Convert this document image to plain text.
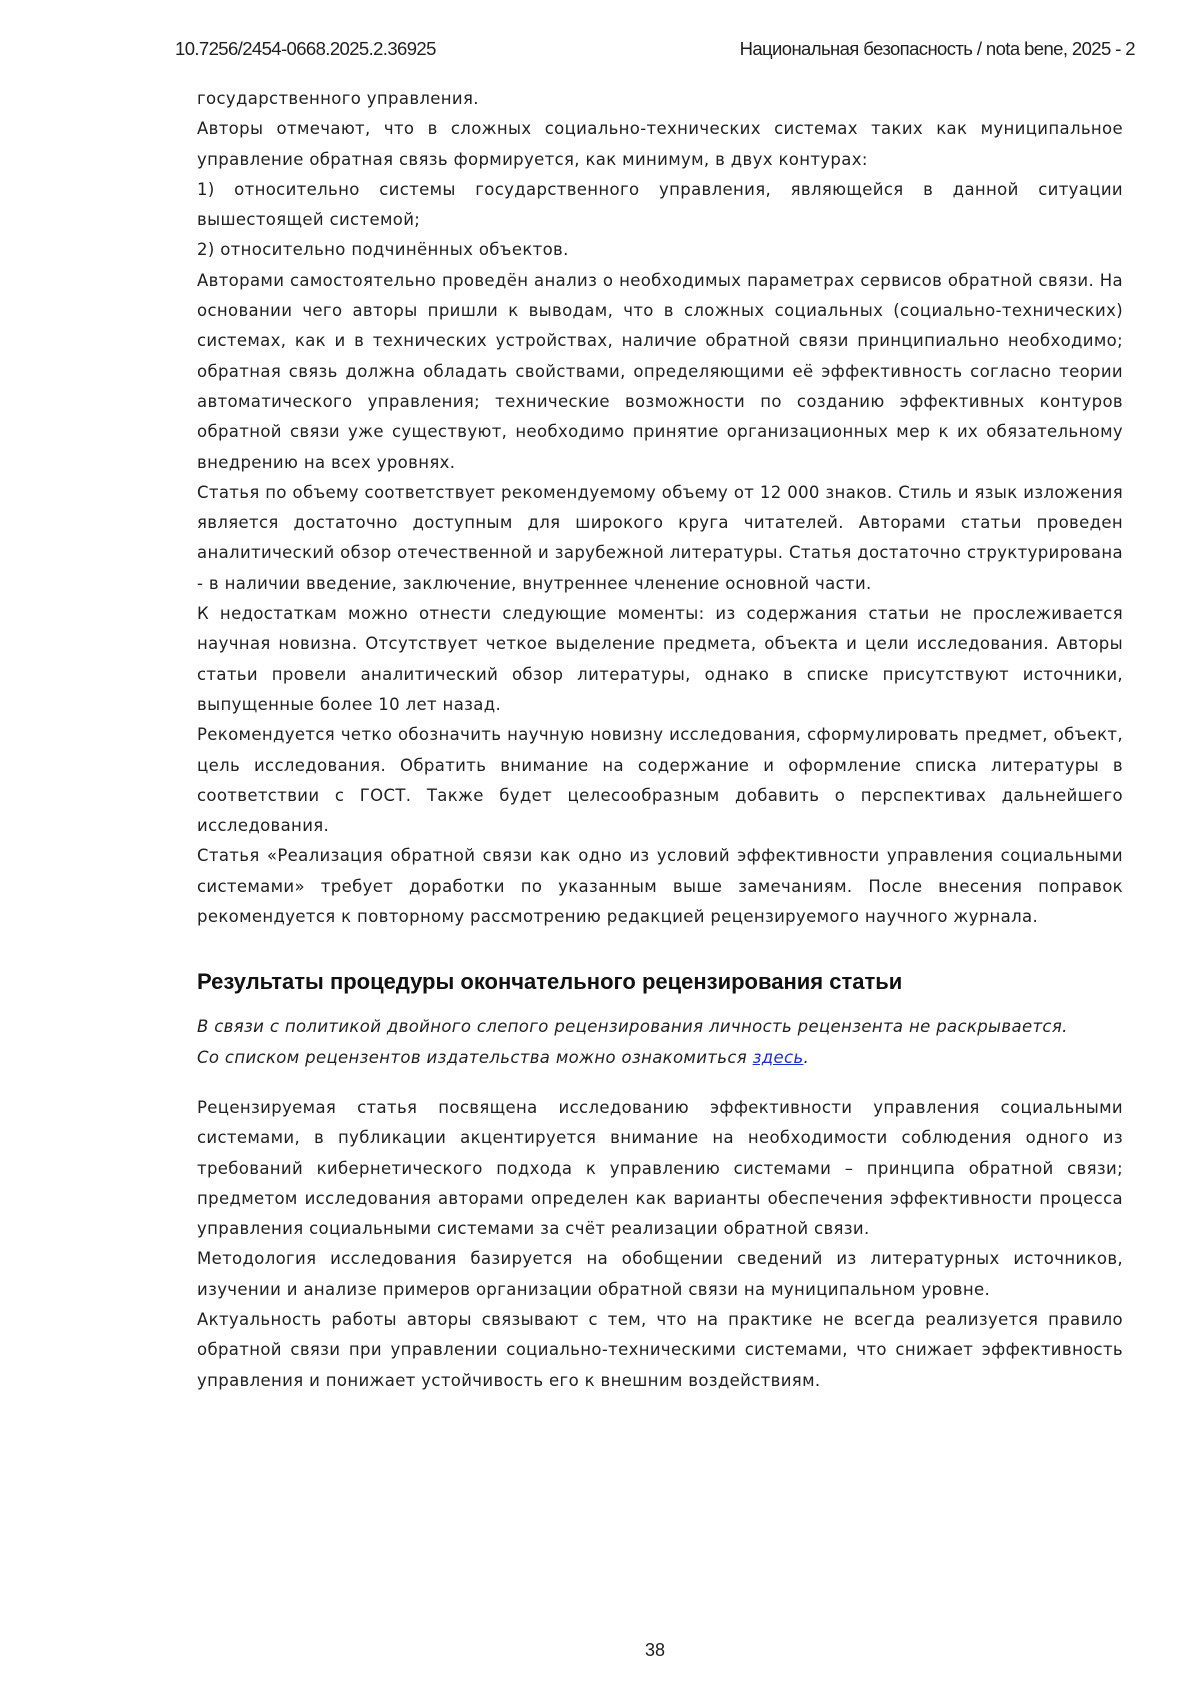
10.7256/2454-0668.2025.2.36925	Национальная безопасность / nota bene, 2025 - 2

государственного управления.

Авторы отмечают, что в сложных социально-технических системах таких как муниципальное управление обратная связь формируется, как минимум, в двух контурах:

1) относительно системы государственного управления, являющейся в данной ситуации вышестоящей системой;

2) относительно подчинённых объектов.

Авторами самостоятельно проведён анализ о необходимых параметрах сервисов обратной связи. На основании чего авторы пришли к выводам, что в сложных социальных (социально-технических) системах, как и в технических устройствах, наличие обратной связи принципиально необходимо; обратная связь должна обладать свойствами, определяющими её эффективность согласно теории автоматического управления; технические возможности по созданию эффективных контуров обратной связи уже существуют, необходимо принятие организационных мер к их обязательному внедрению на всех уровнях.

Статья по объему соответствует рекомендуемому объему от 12 000 знаков. Стиль и язык изложения является достаточно доступным для широкого круга читателей. Авторами статьи проведен аналитический обзор отечественной и зарубежной литературы. Статья достаточно структурирована - в наличии введение, заключение, внутреннее членение основной части.

К недостаткам можно отнести следующие моменты: из содержания статьи не прослеживается научная новизна. Отсутствует четкое выделение предмета, объекта и цели исследования. Авторы статьи провели аналитический обзор литературы, однако в списке присутствуют источники, выпущенные более 10 лет назад.

Рекомендуется четко обозначить научную новизну исследования, сформулировать предмет, объект, цель исследования. Обратить внимание на содержание и оформление списка литературы в соответствии с ГОСТ. Также будет целесообразным добавить о перспективах дальнейшего исследования.

Статья «Реализация обратной связи как одно из условий эффективности управления социальными системами» требует доработки по указанным выше замечаниям. После внесения поправок рекомендуется к повторному рассмотрению редакцией рецензируемого научного журнала.

Результаты процедуры окончательного рецензирования статьи

В связи с политикой двойного слепого рецензирования личность рецензента не раскрывается.

Со списком рецензентов издательства можно ознакомиться здесь.

Рецензируемая статья посвящена исследованию эффективности управления социальными системами, в публикации акцентируется внимание на необходимости соблюдения одного из требований кибернетического подхода к управлению системами – принципа обратной связи; предметом исследования авторами определен как варианты обеспечения эффективности процесса управления социальными системами за счёт реализации обратной связи.

Методология исследования базируется на обобщении сведений из литературных источников, изучении и анализе примеров организации обратной связи на муниципальном уровне.

Актуальность работы авторы связывают с тем, что на практике не всегда реализуется правило обратной связи при управлении социально-техническими системами, что снижает эффективность управления и понижает устойчивость его к внешним воздействиям.

38
